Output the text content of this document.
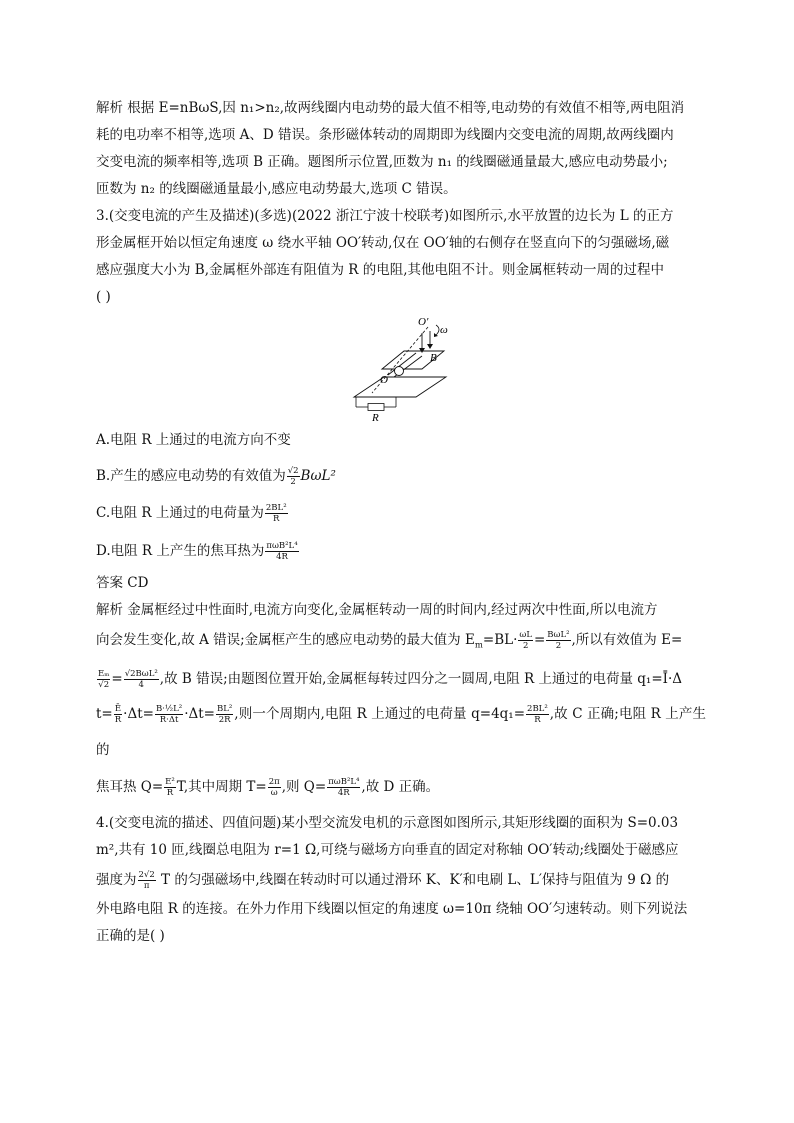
解析 根据 E=nBωS,因 n₁>n₂,故两线圈内电动势的最大值不相等,电动势的有效值不相等,两电阻消

耗的电功率不相等,选项 A、D 错误。条形磁体转动的周期即为线圈内交变电流的周期,故两线圈内

交变电流的频率相等,选项 B 正确。题图所示位置,匝数为 n₁ 的线圈磁通量最大,感应电动势最小;

匝数为 n₂ 的线圈磁通量最小,感应电动势最大,选项 C 错误。

3.(交变电流的产生及描述)(多选)(2022 浙江宁波十校联考)如图所示,水平放置的边长为 L 的正方

形金属框开始以恒定角速度 ω 绕水平轴 OO′转动,仅在 OO′轴的右侧存在竖直向下的匀强磁场,磁

感应强度大小为 B,金属框外部连有阻值为 R 的电阻,其他电阻不计。则金属框转动一周的过程中

( )

O′
ω
B
O
R

A.电阻 R 上通过的电流方向不变

B.产生的感应电动势的有效值为 $\frac{√2}{2} B\omega L^2$

C.电阻 R 上通过的电荷量为 $\frac{\text{2BL²}}{R}$

D.电阻 R 上产生的焦耳热为 $\frac{\text{πωB²L⁴}}{4R}$

答案 CD

解析 金属框经过中性面时,电流方向变化,金属框转动一周的时间内,经过两次中性面,所以电流方

向会发生变化,故 A 错误;金属框产生的感应电动势的最大值为 $E_m=BL\cdot \frac{\omega L}{2} = \frac{\text{BωL²}}{2}$ ,所以有效值为 E=

$\frac{\text{Eₘ}}{√2} = \frac{\text{√2BωL²}}{4}$ ,故 B 错误;由题图位置开始,金属框每转过四分之一圆周,电阻 R 上通过的电荷量 q₁=Ī·Δ

$t= \frac{Ē}{R} \cdot\Delta t= \frac{\text{B·½L²}}{R\cdot\Delta t} \cdot\Delta t= \frac{\text{BL²}}{2R}$ ,则一个周期内,电阻 R 上通过的电荷量 $q=4q_1= \frac{\text{2BL²}}{R}$ ,故 C 正确;电阻 R 上产生的

焦耳热 $Q= \frac{\text{E²}}{R} T$,其中周期 $T= \frac{2\pi}{\omega}$ ,则 $Q= \frac{\text{πωB²L⁴}}{4R}$ ,故 D 正确。

4.(交变电流的描述、四值问题)某小型交流发电机的示意图如图所示,其矩形线圈的面积为 S=0.03

m²,共有 10 匝,线圈总电阻为 r=1 Ω,可绕与磁场方向垂直的固定对称轴 OO′转动;线圈处于磁感应

强度为 $\frac{2√2}{\pi}$ T 的匀强磁场中,线圈在转动时可以通过滑环 K、K′和电刷 L、L′保持与阻值为 9 Ω 的

外电路电阻 R 的连接。在外力作用下线圈以恒定的角速度 ω=10π 绕轴 OO′匀速转动。则下列说法

正确的是( )
